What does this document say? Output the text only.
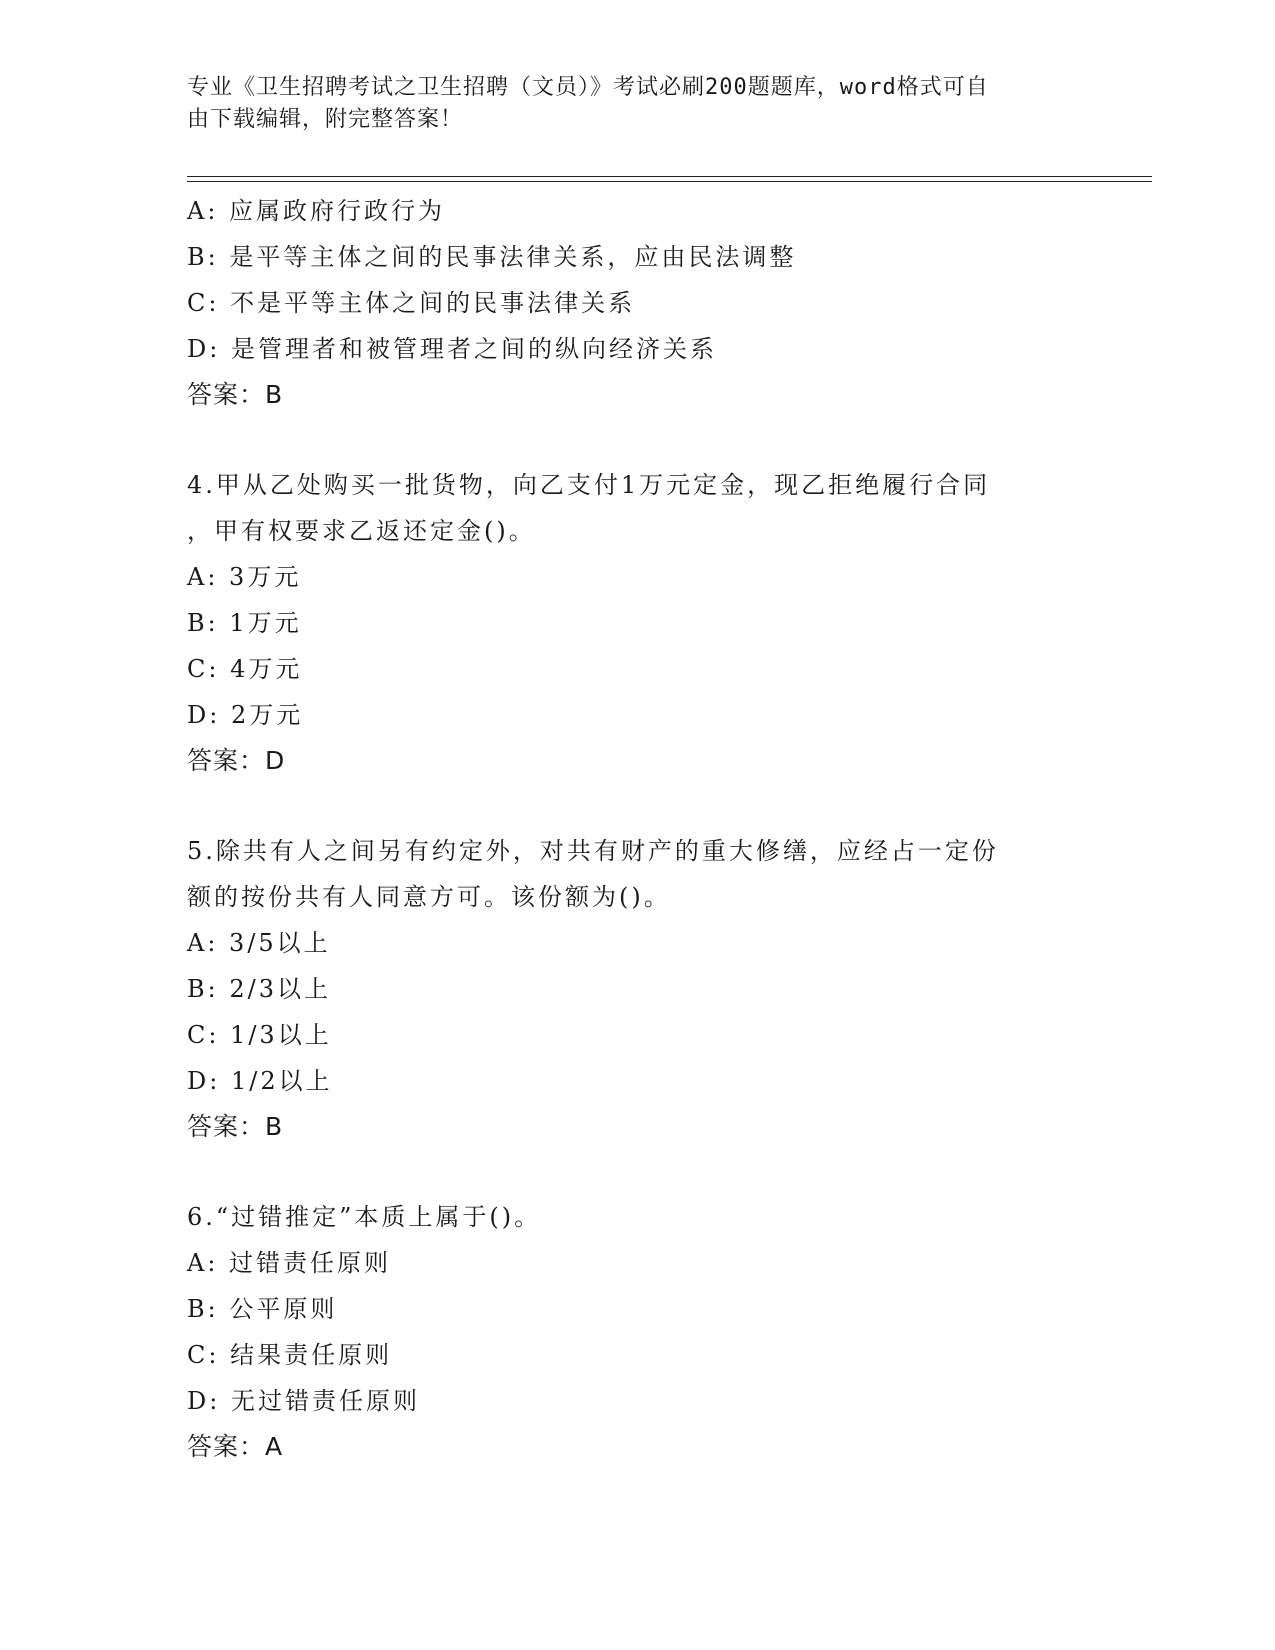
专业《卫生招聘考试之卫生招聘（文员）》考试必刷200题题库，word格式可自
由下载编辑，附完整答案！
A: 应属政府行政行为
B: 是平等主体之间的民事法律关系，应由民法调整
C: 不是平等主体之间的民事法律关系
D: 是管理者和被管理者之间的纵向经济关系
答案：B
4.甲从乙处购买一批货物，向乙支付1万元定金，现乙拒绝履行合同
，甲有权要求乙返还定金()。
A: 3万元
B: 1万元
C: 4万元
D: 2万元
答案：D
5.除共有人之间另有约定外，对共有财产的重大修缮，应经占一定份
额的按份共有人同意方可。该份额为()。
A: 3/5以上
B: 2/3以上
C: 1/3以上
D: 1/2以上
答案：B
6.“过错推定”本质上属于()。
A: 过错责任原则
B: 公平原则
C: 结果责任原则
D: 无过错责任原则
答案：A
